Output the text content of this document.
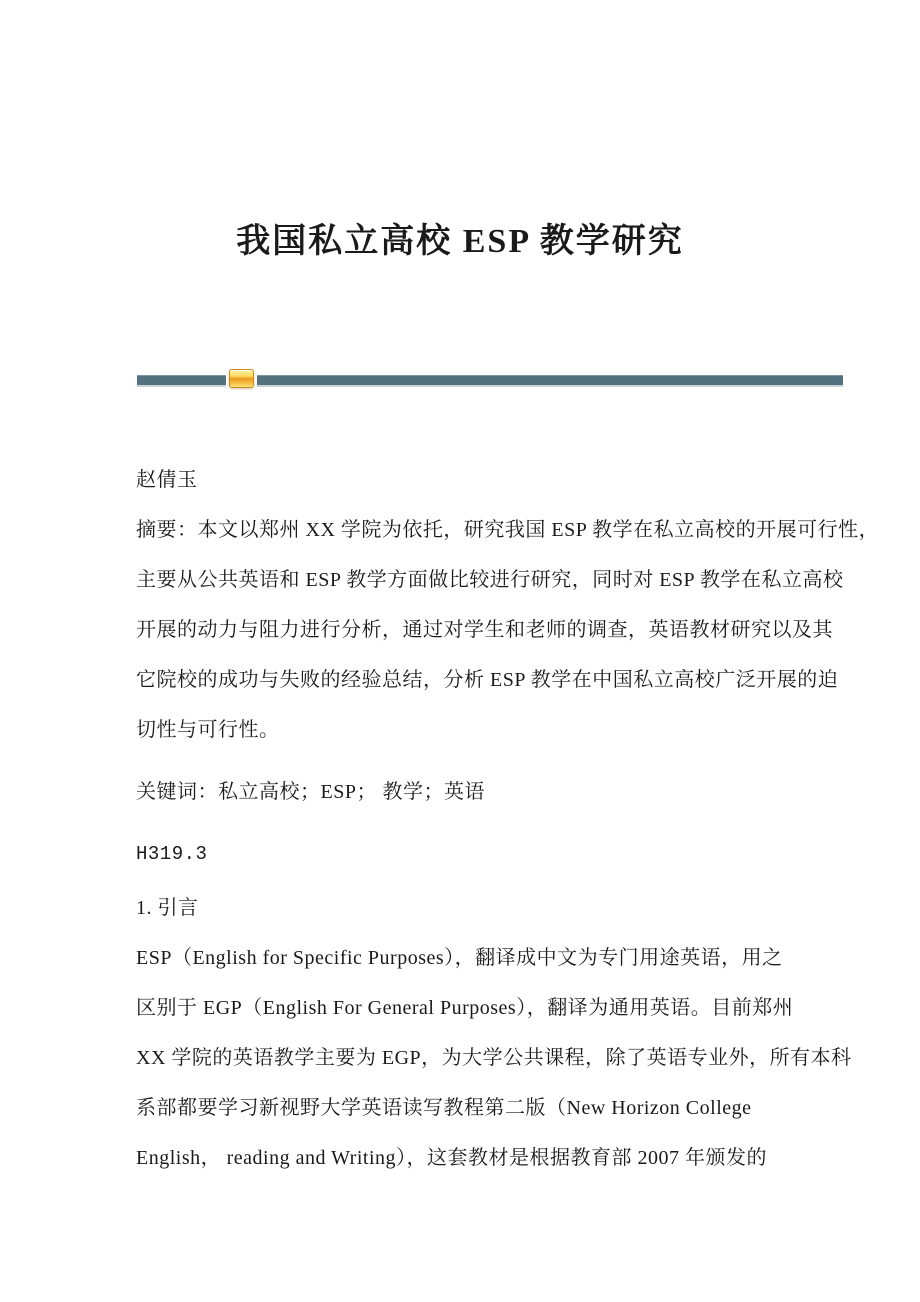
我国私立高校 ESP 教学研究
赵倩玉
摘要：本文以郑州 XX 学院为依托，研究我国 ESP 教学在私立高校的开展可行性，
主要从公共英语和 ESP 教学方面做比较进行研究，同时对 ESP 教学在私立高校
开展的动力与阻力进行分析，通过对学生和老师的调查，英语教材研究以及其
它院校的成功与失败的经验总结，分析 ESP 教学在中国私立高校广泛开展的迫
切性与可行性。
关键词：私立高校；ESP； 教学；英语
H319.3
1. 引言
ESP（English for Specific Purposes），翻译成中文为专门用途英语，用之
区别于 EGP（English For General Purposes），翻译为通用英语。目前郑州
XX 学院的英语教学主要为 EGP，为大学公共课程，除了英语专业外，所有本科
系部都要学习新视野大学英语读写教程第二版（New Horizon College
English， reading and Writing），这套教材是根据教育部 2007 年颁发的
